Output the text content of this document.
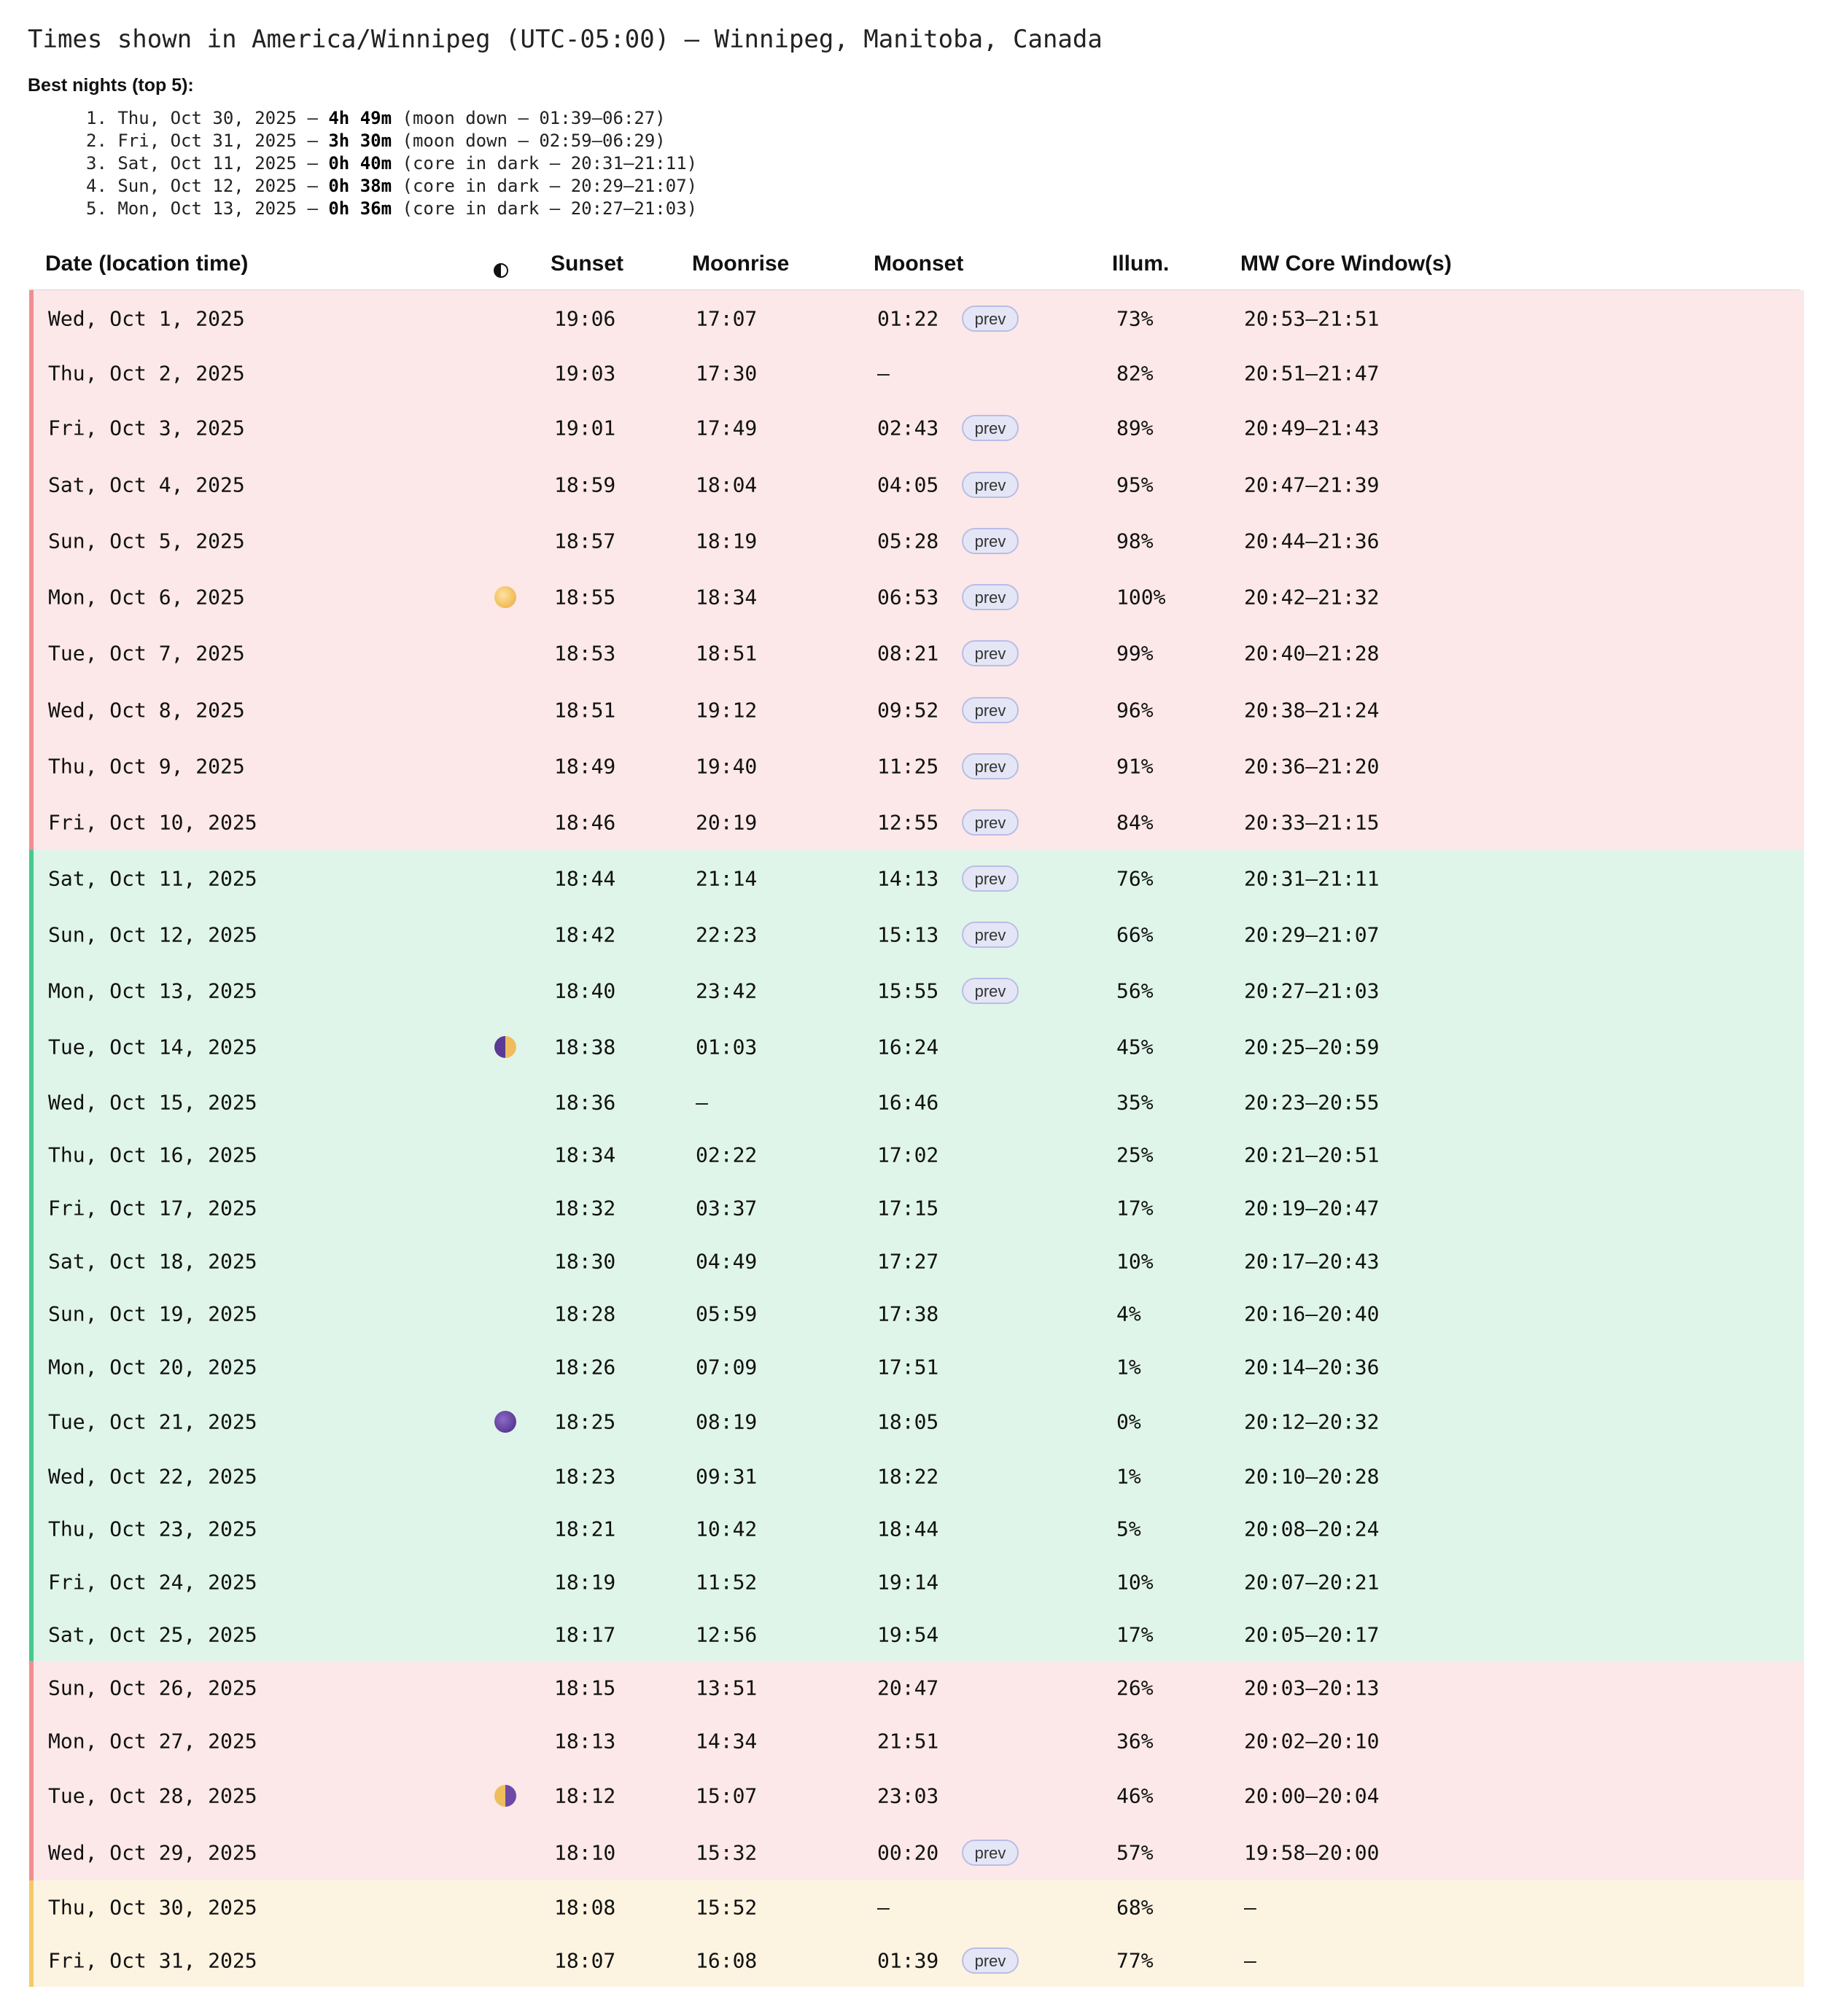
Times shown in America/Winnipeg (UTC-05:00) — Winnipeg, Manitoba, Canada
Best nights (top 5):
1. Thu, Oct 30, 2025 — 4h 49m (moon down — 01:39–06:27)
2. Fri, Oct 31, 2025 — 3h 30m (moon down — 02:59–06:29)
3. Sat, Oct 11, 2025 — 0h 40m (core in dark — 20:31–21:11)
4. Sun, Oct 12, 2025 — 0h 38m (core in dark — 20:29–21:07)
5. Mon, Oct 13, 2025 — 0h 36m (core in dark — 20:27–21:03)
Date (location time)	Sunset	Moonrise	Moonset	Illum.	MW Core Window(s)
Wed, Oct 1, 2025	19:06	17:07	01:22	prev	73%	20:53–21:51
Thu, Oct 2, 2025	19:03	17:30	—	82%	20:51–21:47
Fri, Oct 3, 2025	19:01	17:49	02:43	prev	89%	20:49–21:43
Sat, Oct 4, 2025	18:59	18:04	04:05	prev	95%	20:47–21:39
Sun, Oct 5, 2025	18:57	18:19	05:28	prev	98%	20:44–21:36
Mon, Oct 6, 2025	18:55	18:34	06:53	prev	100%	20:42–21:32
Tue, Oct 7, 2025	18:53	18:51	08:21	prev	99%	20:40–21:28
Wed, Oct 8, 2025	18:51	19:12	09:52	prev	96%	20:38–21:24
Thu, Oct 9, 2025	18:49	19:40	11:25	prev	91%	20:36–21:20
Fri, Oct 10, 2025	18:46	20:19	12:55	prev	84%	20:33–21:15
Sat, Oct 11, 2025	18:44	21:14	14:13	prev	76%	20:31–21:11
Sun, Oct 12, 2025	18:42	22:23	15:13	prev	66%	20:29–21:07
Mon, Oct 13, 2025	18:40	23:42	15:55	prev	56%	20:27–21:03
Tue, Oct 14, 2025	18:38	01:03	16:24	45%	20:25–20:59
Wed, Oct 15, 2025	18:36	—	16:46	35%	20:23–20:55
Thu, Oct 16, 2025	18:34	02:22	17:02	25%	20:21–20:51
Fri, Oct 17, 2025	18:32	03:37	17:15	17%	20:19–20:47
Sat, Oct 18, 2025	18:30	04:49	17:27	10%	20:17–20:43
Sun, Oct 19, 2025	18:28	05:59	17:38	4%	20:16–20:40
Mon, Oct 20, 2025	18:26	07:09	17:51	1%	20:14–20:36
Tue, Oct 21, 2025	18:25	08:19	18:05	0%	20:12–20:32
Wed, Oct 22, 2025	18:23	09:31	18:22	1%	20:10–20:28
Thu, Oct 23, 2025	18:21	10:42	18:44	5%	20:08–20:24
Fri, Oct 24, 2025	18:19	11:52	19:14	10%	20:07–20:21
Sat, Oct 25, 2025	18:17	12:56	19:54	17%	20:05–20:17
Sun, Oct 26, 2025	18:15	13:51	20:47	26%	20:03–20:13
Mon, Oct 27, 2025	18:13	14:34	21:51	36%	20:02–20:10
Tue, Oct 28, 2025	18:12	15:07	23:03	46%	20:00–20:04
Wed, Oct 29, 2025	18:10	15:32	00:20	prev	57%	19:58–20:00
Thu, Oct 30, 2025	18:08	15:52	—	68%	—
Fri, Oct 31, 2025	18:07	16:08	01:39	prev	77%	—
